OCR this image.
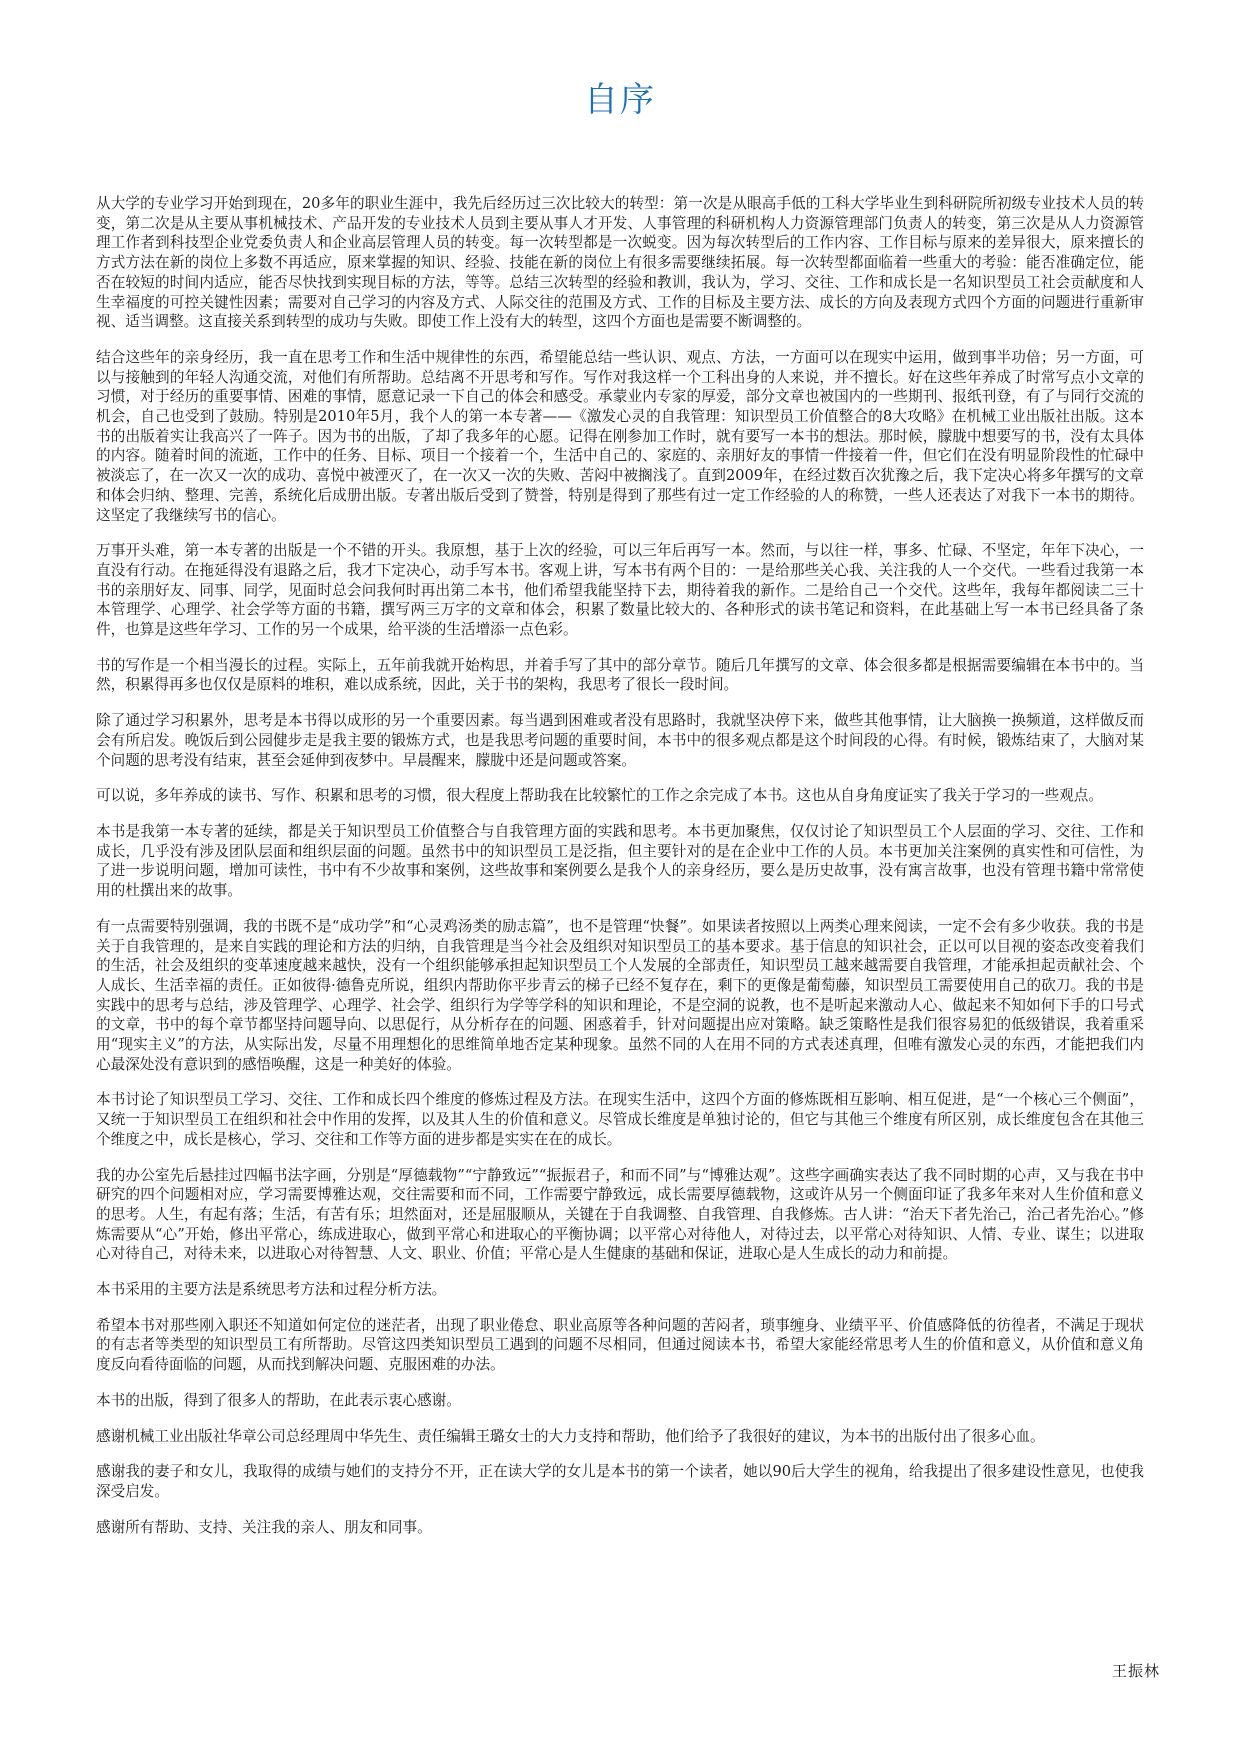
自序

从大学的专业学习开始到现在，20多年的职业生涯中，我先后经历过三次比较大的转型：第一次是从眼高手低的工科大学毕业生到科研院所初级专业技术人员的转变，第二次是从主要从事机械技术、产品开发的专业技术人员到主要从事人才开发、人事管理的科研机构人力资源管理部门负责人的转变，第三次是从人力资源管理工作者到科技型企业党委负责人和企业高层管理人员的转变。每一次转型都是一次蜕变。因为每次转型后的工作内容、工作目标与原来的差异很大，原来擅长的方式方法在新的岗位上多数不再适应，原来掌握的知识、经验、技能在新的岗位上有很多需要继续拓展。每一次转型都面临着一些重大的考验：能否准确定位，能否在较短的时间内适应，能否尽快找到实现目标的方法，等等。总结三次转型的经验和教训，我认为，学习、交往、工作和成长是一名知识型员工社会贡献度和人生幸福度的可控关键性因素；需要对自己学习的内容及方式、人际交往的范围及方式、工作的目标及主要方法、成长的方向及表现方式四个方面的问题进行重新审视、适当调整。这直接关系到转型的成功与失败。即使工作上没有大的转型，这四个方面也是需要不断调整的。

结合这些年的亲身经历，我一直在思考工作和生活中规律性的东西，希望能总结一些认识、观点、方法，一方面可以在现实中运用，做到事半功倍；另一方面，可以与接触到的年轻人沟通交流，对他们有所帮助。总结离不开思考和写作。写作对我这样一个工科出身的人来说，并不擅长。好在这些年养成了时常写点小文章的习惯，对于经历的重要事情、困难的事情，愿意记录一下自己的体会和感受。承蒙业内专家的厚爱，部分文章也被国内的一些期刊、报纸刊登，有了与同行交流的机会，自己也受到了鼓励。特别是2010年5月，我个人的第一本专著——《激发心灵的自我管理：知识型员工价值整合的8大攻略》在机械工业出版社出版。这本书的出版着实让我高兴了一阵子。因为书的出版，了却了我多年的心愿。记得在刚参加工作时，就有要写一本书的想法。那时候，朦胧中想要写的书，没有太具体的内容。随着时间的流逝，工作中的任务、目标、项目一个接着一个，生活中自己的、家庭的、亲朋好友的事情一件接着一件，但它们在没有明显阶段性的忙碌中被淡忘了，在一次又一次的成功、喜悦中被湮灭了，在一次又一次的失败、苦闷中被搁浅了。直到2009年，在经过数百次犹豫之后，我下定决心将多年撰写的文章和体会归纳、整理、完善，系统化后成册出版。专著出版后受到了赞誉，特别是得到了那些有过一定工作经验的人的称赞，一些人还表达了对我下一本书的期待。这坚定了我继续写书的信心。

万事开头难，第一本专著的出版是一个不错的开头。我原想，基于上次的经验，可以三年后再写一本。然而，与以往一样，事多、忙碌、不坚定，年年下决心，一直没有行动。在拖延得没有退路之后，我才下定决心，动手写本书。客观上讲，写本书有两个目的：一是给那些关心我、关注我的人一个交代。一些看过我第一本书的亲朋好友、同事、同学，见面时总会问我何时再出第二本书，他们希望我能坚持下去，期待着我的新作。二是给自己一个交代。这些年，我每年都阅读二三十本管理学、心理学、社会学等方面的书籍，撰写两三万字的文章和体会，积累了数量比较大的、各种形式的读书笔记和资料，在此基础上写一本书已经具备了条件，也算是这些年学习、工作的另一个成果，给平淡的生活增添一点色彩。

书的写作是一个相当漫长的过程。实际上，五年前我就开始构思，并着手写了其中的部分章节。随后几年撰写的文章、体会很多都是根据需要编辑在本书中的。当然，积累得再多也仅仅是原料的堆积，难以成系统，因此，关于书的架构，我思考了很长一段时间。

除了通过学习积累外，思考是本书得以成形的另一个重要因素。每当遇到困难或者没有思路时，我就坚决停下来，做些其他事情，让大脑换一换频道，这样做反而会有所启发。晚饭后到公园健步走是我主要的锻炼方式，也是我思考问题的重要时间，本书中的很多观点都是这个时间段的心得。有时候，锻炼结束了，大脑对某个问题的思考没有结束，甚至会延伸到夜梦中。早晨醒来，朦胧中还是问题或答案。

可以说，多年养成的读书、写作、积累和思考的习惯，很大程度上帮助我在比较繁忙的工作之余完成了本书。这也从自身角度证实了我关于学习的一些观点。

本书是我第一本专著的延续，都是关于知识型员工价值整合与自我管理方面的实践和思考。本书更加聚焦，仅仅讨论了知识型员工个人层面的学习、交往、工作和成长，几乎没有涉及团队层面和组织层面的问题。虽然书中的知识型员工是泛指，但主要针对的是在企业中工作的人员。本书更加关注案例的真实性和可信性，为了进一步说明问题，增加可读性，书中有不少故事和案例，这些故事和案例要么是我个人的亲身经历，要么是历史故事，没有寓言故事，也没有管理书籍中常常使用的杜撰出来的故事。

有一点需要特别强调，我的书既不是“成功学”和“心灵鸡汤类的励志篇”，也不是管理“快餐”。如果读者按照以上两类心理来阅读，一定不会有多少收获。我的书是关于自我管理的，是来自实践的理论和方法的归纳，自我管理是当今社会及组织对知识型员工的基本要求。基于信息的知识社会，正以可以目视的姿态改变着我们的生活，社会及组织的变革速度越来越快，没有一个组织能够承担起知识型员工个人发展的全部责任，知识型员工越来越需要自我管理，才能承担起贡献社会、个人成长、生活幸福的责任。正如彼得·德鲁克所说，组织内帮助你平步青云的梯子已经不复存在，剩下的更像是葡萄藤，知识型员工需要使用自己的砍刀。我的书是实践中的思考与总结，涉及管理学、心理学、社会学、组织行为学等学科的知识和理论，不是空洞的说教，也不是听起来激动人心、做起来不知如何下手的口号式的文章，书中的每个章节都坚持问题导向、以思促行，从分析存在的问题、困惑着手，针对问题提出应对策略。缺乏策略性是我们很容易犯的低级错误，我着重采用“现实主义”的方法，从实际出发，尽量不用理想化的思维简单地否定某种现象。虽然不同的人在用不同的方式表述真理，但唯有激发心灵的东西，才能把我们内心最深处没有意识到的感悟唤醒，这是一种美好的体验。

本书讨论了知识型员工学习、交往、工作和成长四个维度的修炼过程及方法。在现实生活中，这四个方面的修炼既相互影响、相互促进，是“一个核心三个侧面”，又统一于知识型员工在组织和社会中作用的发挥，以及其人生的价值和意义。尽管成长维度是单独讨论的，但它与其他三个维度有所区别，成长维度包含在其他三个维度之中，成长是核心，学习、交往和工作等方面的进步都是实实在在的成长。

我的办公室先后悬挂过四幅书法字画，分别是“厚德载物”“宁静致远”“振振君子，和而不同”与“博雅达观”。这些字画确实表达了我不同时期的心声，又与我在书中研究的四个问题相对应，学习需要博雅达观，交往需要和而不同，工作需要宁静致远，成长需要厚德载物，这或许从另一个侧面印证了我多年来对人生价值和意义的思考。人生，有起有落；生活，有苦有乐；坦然面对，还是屈服顺从，关键在于自我调整、自我管理、自我修炼。古人讲：“治天下者先治己，治己者先治心。”修炼需要从“心”开始，修出平常心，练成进取心，做到平常心和进取心的平衡协调；以平常心对待他人，对待过去，以平常心对待知识、人情、专业、谋生；以进取心对待自己，对待未来，以进取心对待智慧、人文、职业、价值；平常心是人生健康的基础和保证，进取心是人生成长的动力和前提。

本书采用的主要方法是系统思考方法和过程分析方法。

希望本书对那些刚入职还不知道如何定位的迷茫者，出现了职业倦怠、职业高原等各种问题的苦闷者，琐事缠身、业绩平平、价值感降低的彷徨者，不满足于现状的有志者等类型的知识型员工有所帮助。尽管这四类知识型员工遇到的问题不尽相同，但通过阅读本书，希望大家能经常思考人生的价值和意义，从价值和意义角度反向看待面临的问题，从而找到解决问题、克服困难的办法。

本书的出版，得到了很多人的帮助，在此表示衷心感谢。

感谢机械工业出版社华章公司总经理周中华先生、责任编辑王璐女士的大力支持和帮助，他们给予了我很好的建议，为本书的出版付出了很多心血。

感谢我的妻子和女儿，我取得的成绩与她们的支持分不开，正在读大学的女儿是本书的第一个读者，她以90后大学生的视角，给我提出了很多建设性意见，也使我深受启发。

感谢所有帮助、支持、关注我的亲人、朋友和同事。

王振林
